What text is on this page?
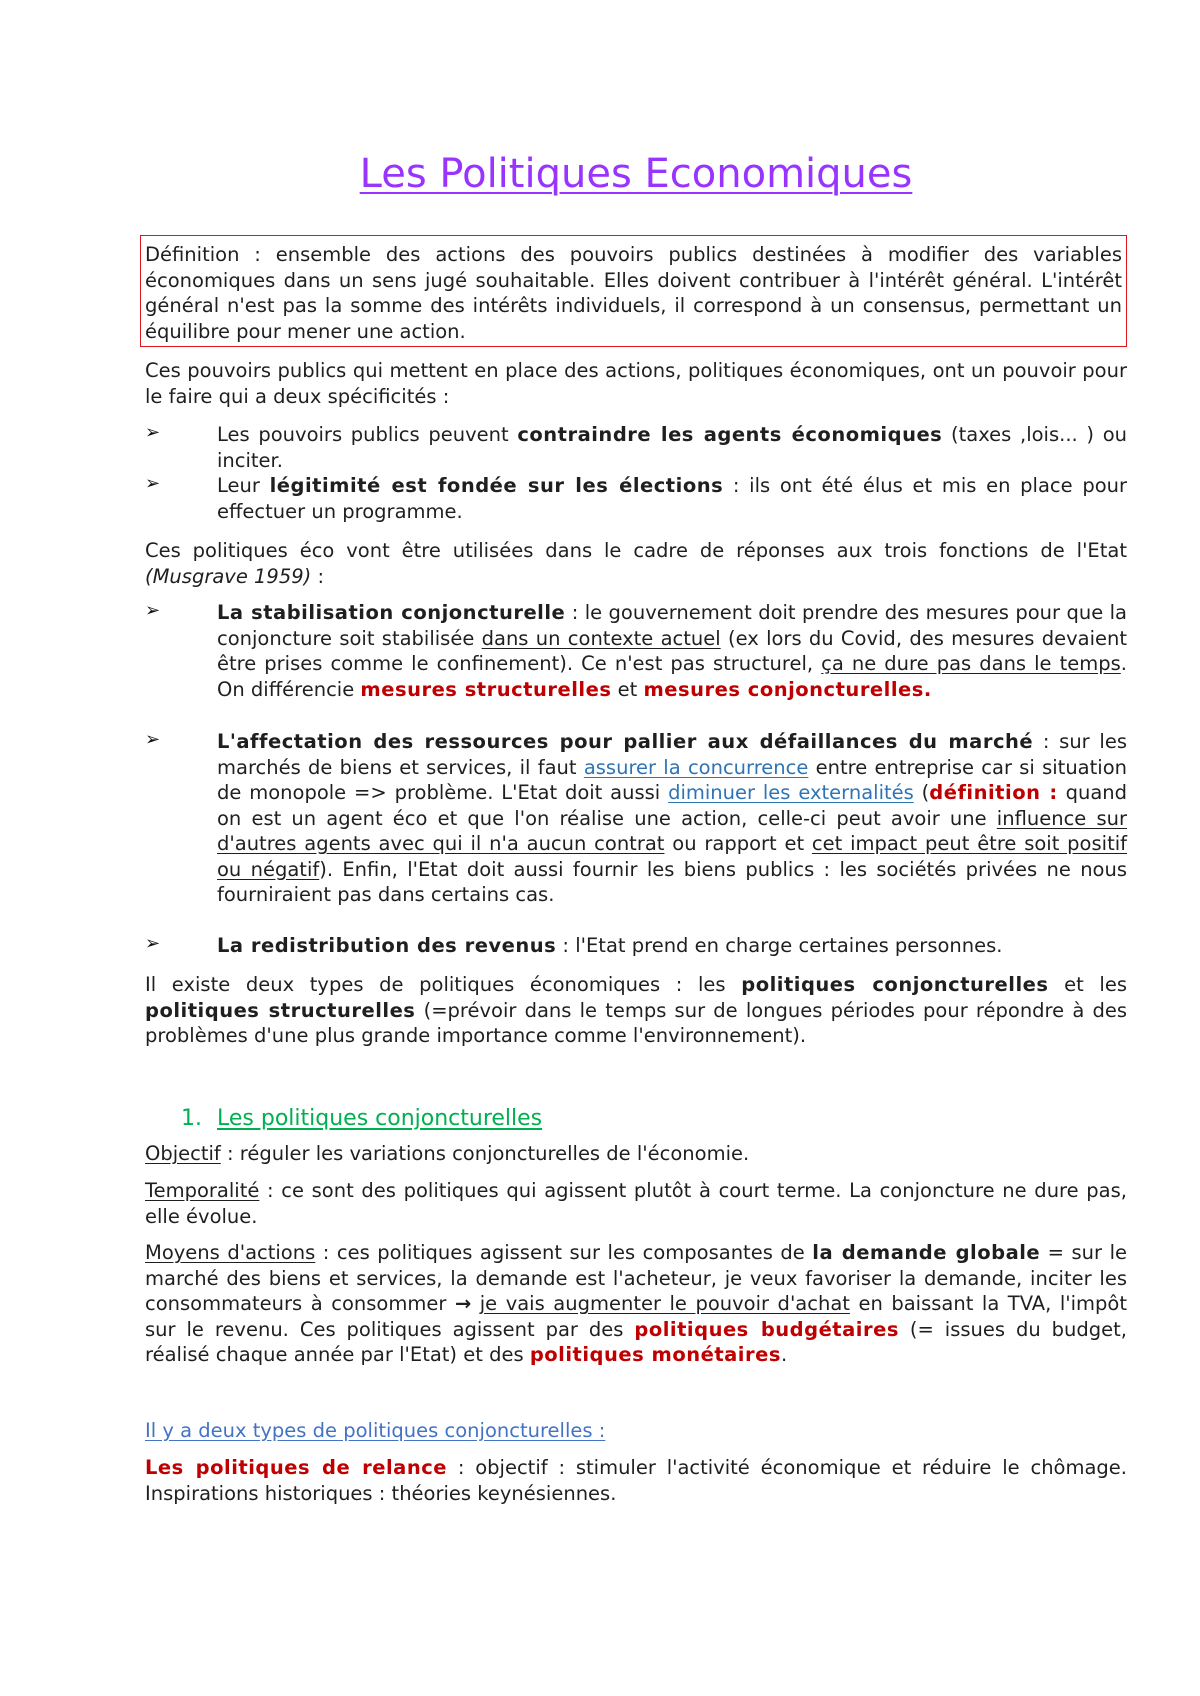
Les Politiques Economiques
Définition : ensemble des actions des pouvoirs publics destinées à modifier des variables économiques dans un sens jugé souhaitable. Elles doivent contribuer à l'intérêt général. L'intérêt général n'est pas la somme des intérêts individuels, il correspond à un consensus, permettant un équilibre pour mener une action.

Ces pouvoirs publics qui mettent en place des actions, politiques économiques, ont un pouvoir pour le faire qui a deux spécificités :

➢	Les pouvoirs publics peuvent contraindre les agents économiques (taxes ,lois... ) ou inciter.
➢	Leur légitimité est fondée sur les élections : ils ont été élus et mis en place pour effectuer un programme.

Ces politiques éco vont être utilisées dans le cadre de réponses aux trois fonctions de l'Etat (Musgrave 1959) :

➢	La stabilisation conjoncturelle : le gouvernement doit prendre des mesures pour que la conjoncture soit stabilisée dans un contexte actuel (ex lors du Covid, des mesures devaient être prises comme le confinement). Ce n'est pas structurel, ça ne dure pas dans le temps. On différencie mesures structurelles et mesures conjoncturelles.
➢	L'affectation des ressources pour pallier aux défaillances du marché : sur les marchés de biens et services, il faut assurer la concurrence entre entreprise car si situation de monopole => problème. L'Etat doit aussi diminuer les externalités (définition : quand on est un agent éco et que l'on réalise une action, celle-ci peut avoir une influence sur d'autres agents avec qui il n'a aucun contrat ou rapport et cet impact peut être soit positif ou négatif). Enfin, l'Etat doit aussi fournir les biens publics : les sociétés privées ne nous fourniraient pas dans certains cas.
➢	La redistribution des revenus : l'Etat prend en charge certaines personnes.

Il existe deux types de politiques économiques : les politiques conjoncturelles et les politiques structurelles (=prévoir dans le temps sur de longues périodes pour répondre à des problèmes d'une plus grande importance comme l'environnement).

1. Les politiques conjoncturelles

Objectif : réguler les variations conjoncturelles de l'économie.

Temporalité : ce sont des politiques qui agissent plutôt à court terme. La conjoncture ne dure pas, elle évolue.

Moyens d'actions : ces politiques agissent sur les composantes de la demande globale = sur le marché des biens et services, la demande est l'acheteur, je veux favoriser la demande, inciter les consommateurs à consommer → je vais augmenter le pouvoir d'achat en baissant la TVA, l'impôt sur le revenu. Ces politiques agissent par des politiques budgétaires (= issues du budget, réalisé chaque année par l'Etat) et des politiques monétaires.

Il y a deux types de politiques conjoncturelles :

Les politiques de relance : objectif : stimuler l'activité économique et réduire le chômage. Inspirations historiques : théories keynésiennes.
